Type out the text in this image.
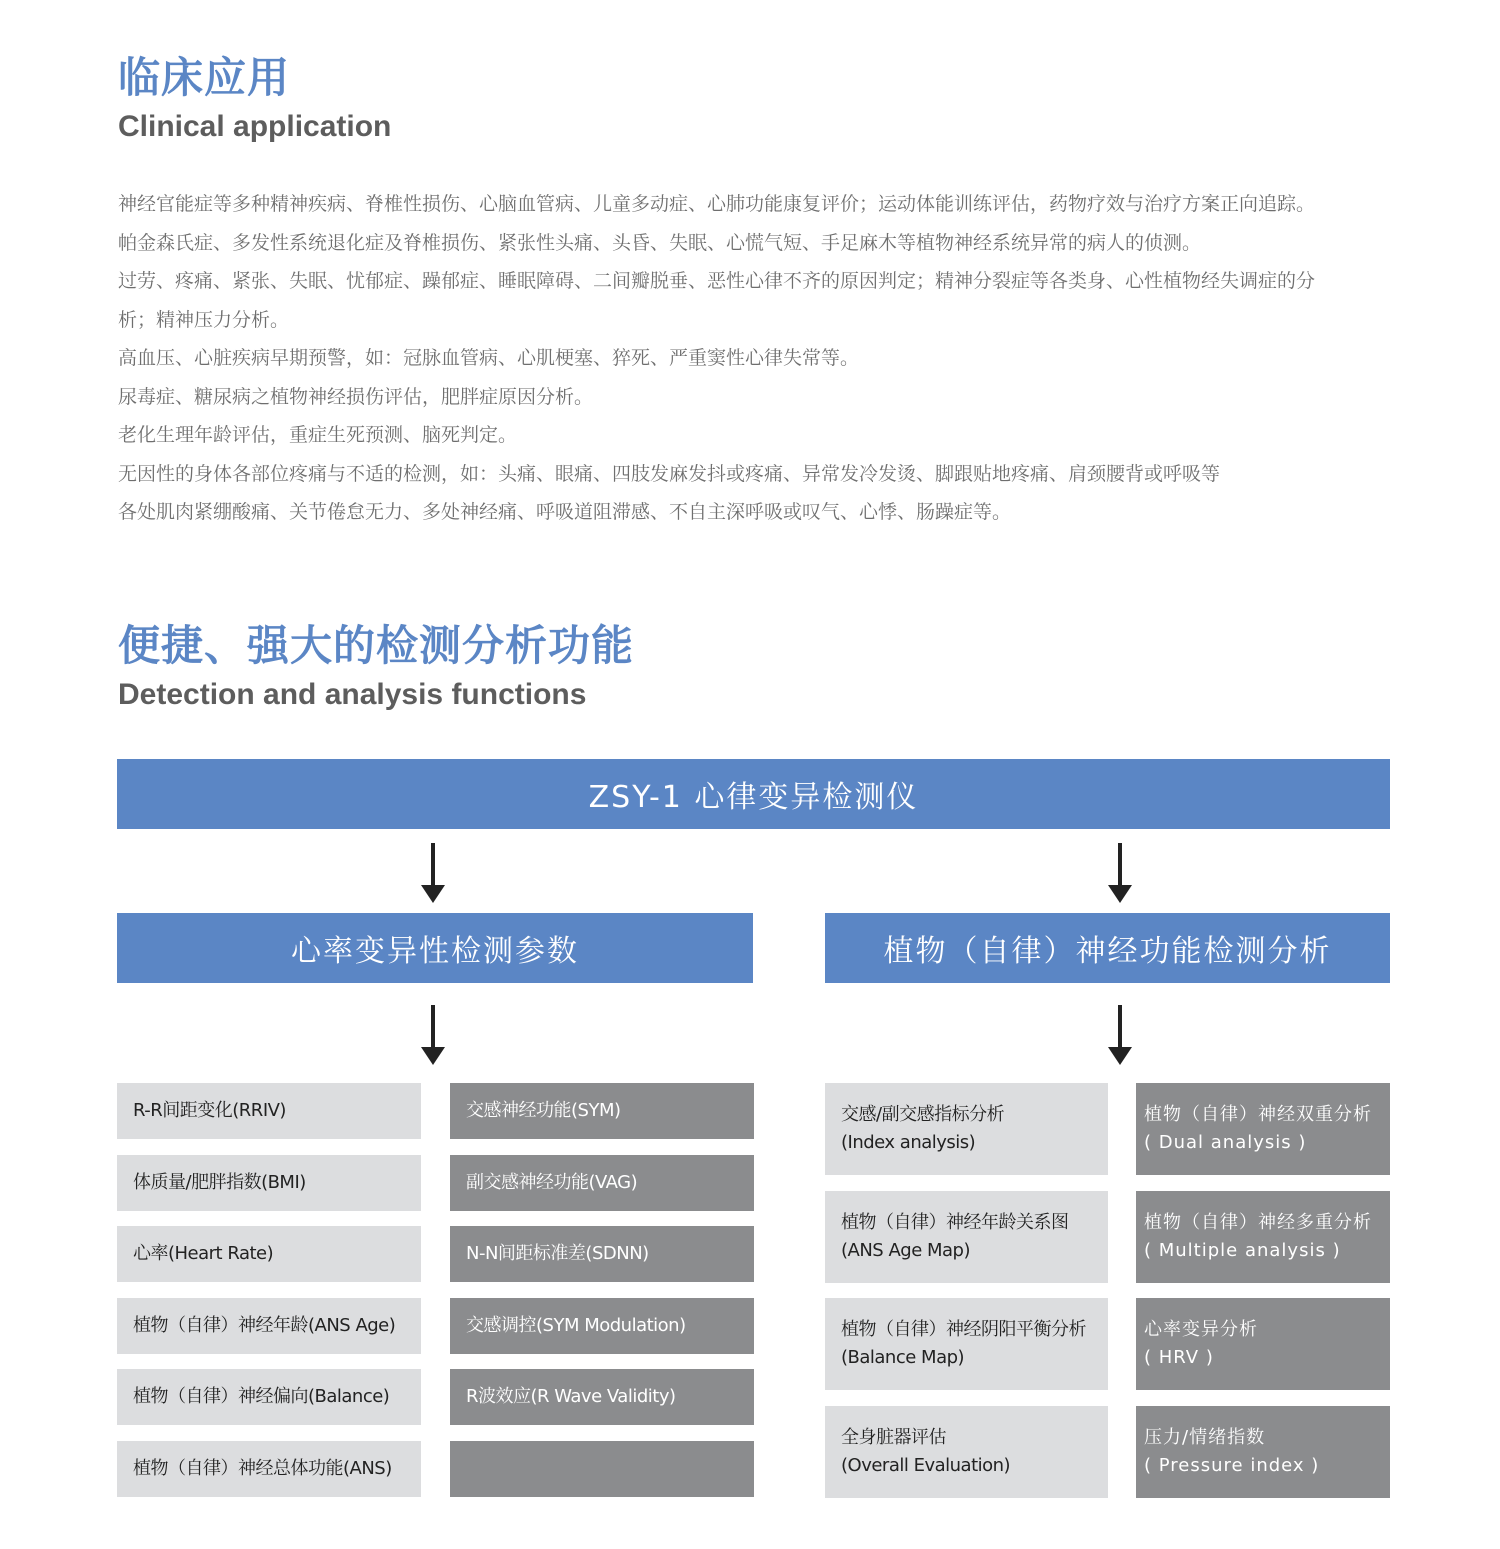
临床应用
Clinical application
神经官能症等多种精神疾病、脊椎性损伤、心脑血管病、儿童多动症、心肺功能康复评价；运动体能训练评估，药物疗效与治疗方案正向追踪。
帕金森氏症、多发性系统退化症及脊椎损伤、紧张性头痛、头昏、失眠、心慌气短、手足麻木等植物神经系统异常的病人的侦测。
过劳、疼痛、紧张、失眠、忧郁症、躁郁症、睡眠障碍、二间瓣脱垂、恶性心律不齐的原因判定；精神分裂症等各类身、心性植物经失调症的分
析；精神压力分析。
高血压、心脏疾病早期预警，如：冠脉血管病、心肌梗塞、猝死、严重窦性心律失常等。
尿毒症、糖尿病之植物神经损伤评估，肥胖症原因分析。
老化生理年龄评估，重症生死预测、脑死判定。
无因性的身体各部位疼痛与不适的检测，如：头痛、眼痛、四肢发麻发抖或疼痛、异常发冷发烫、脚跟贴地疼痛、肩颈腰背或呼吸等
各处肌肉紧绷酸痛、关节倦怠无力、多处神经痛、呼吸道阻滞感、不自主深呼吸或叹气、心悸、肠躁症等。
便捷、强大的检测分析功能
Detection and analysis functions
ZSY-1 心律变异检测仪
心率变异性检测参数	植物（自律）神经功能检测分析
R-R间距变化(RRIV)
体质量/肥胖指数(BMI)
心率(Heart Rate)
植物（自律）神经年龄(ANS Age)
植物（自律）神经偏向(Balance)
植物（自律）神经总体功能(ANS)
交感神经功能(SYM)
副交感神经功能(VAG)
N-N间距标准差(SDNN)
交感调控(SYM Modulation)
R波效应(R Wave Validity)
交感/副交感指标分析
(Index analysis)
植物（自律）神经年龄关系图
(ANS Age Map)
植物（自律）神经阴阳平衡分析
(Balance Map)
全身脏器评估
(Overall Evaluation)
植物（自律）神经双重分析
( Dual analysis )
植物（自律）神经多重分析
( Multiple analysis )
心率变异分析
( HRV )
压力/情绪指数
( Pressure index )
